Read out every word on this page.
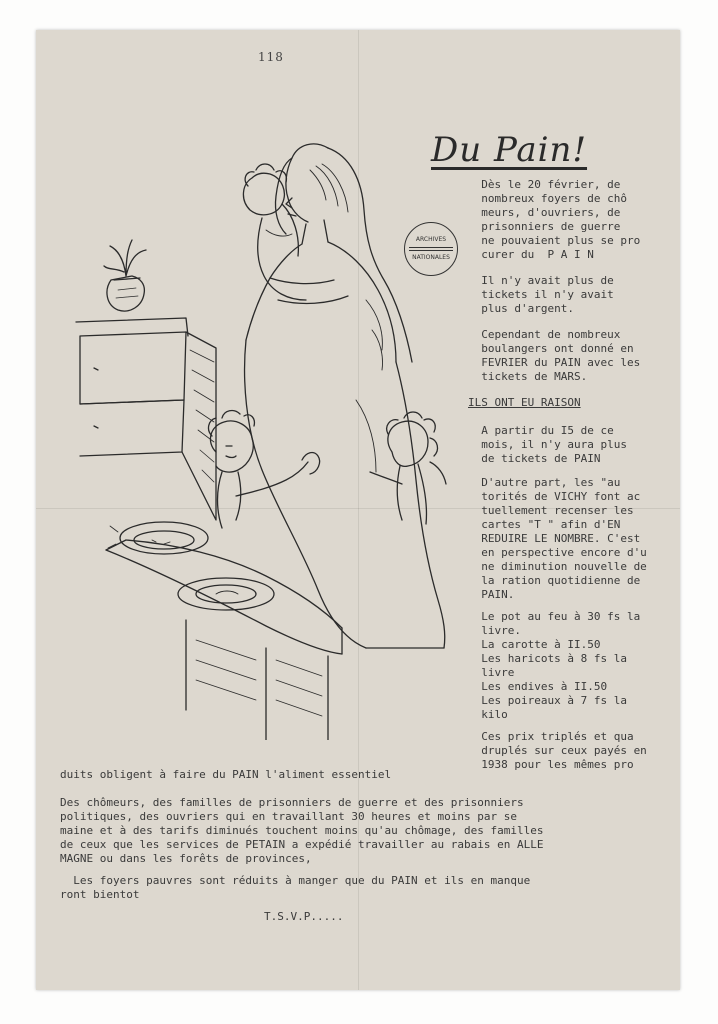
118
Du Pain!
ARCHIVES
NATIONALES

Dès le 20 février, de
nombreux foyers de chô
meurs, d'ouvriers, de
prisonniers de guerre
ne pouvaient plus se pro
curer du  P A I N

Il n'y avait plus de
tickets il n'y avait
plus d'argent.

Cependant de nombreux
boulangers ont donné en
FEVRIER du PAIN avec les
tickets de MARS.

ILS ONT EU RAISON

A partir du I5 de ce
mois, il n'y aura plus
de tickets de PAIN

D'autre part, les "au
torités de VICHY font ac
tuellement recenser les
cartes "T " afin d'EN
REDUIRE LE NOMBRE. C'est
en perspective encore d'u
ne diminution nouvelle de
la ration quotidienne de
PAIN.

Le pot au feu à 30 fs la
livre.
La carotte à II.50
Les haricots à 8 fs la
livre
Les endives à II.50
Les poireaux à 7 fs la
kilo

Ces prix triplés et qua
druplés sur ceux payés en
1938 pour les mêmes pro

duits obligent à faire du PAIN l'aliment essentiel
Des chômeurs, des familles de prisonniers de guerre et des prisonniers
politiques, des ouvriers qui en travaillant 30 heures et moins par se
maine et à des tarifs diminués touchent moins qu'au chômage, des familles
de ceux que les services de PETAIN a expédié travailler au rabais en ALLE
MAGNE ou dans les forêts de provinces,
Les foyers pauvres sont réduits à manger que du PAIN et ils en manque
ront bientot
T.S.V.P.....
